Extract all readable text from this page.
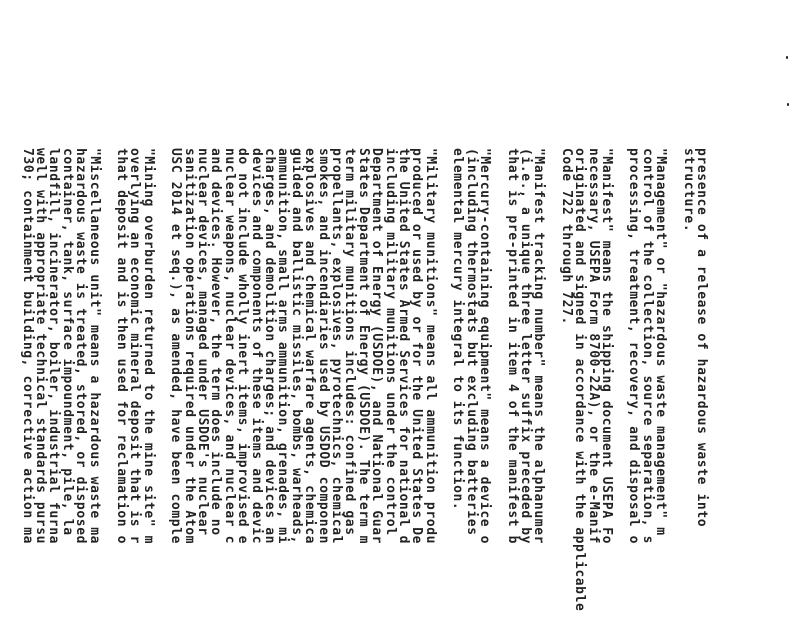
presence of a release of hazardous waste into
structure.
"Management" or "hazardous waste management" m
control of the collection, source separation, s
processing, treatment, recovery, and disposal o
"Manifest" means the shipping document USEPA Fo
necessary, USEPA Form 8700-22A), or the e-Manif
originated and signed in accordance with the applicable
Code 722 through 727.
"Manifest tracking number" means the alphanumer
(i.e., a unique three letter suffix preceded by
that is pre-printed in item 4 of the manifest b
"Mercury-containing equipment" means a device o
(including thermostats but excluding batteries
elemental mercury integral to its function.
"Military munitions" means all ammunition produ
produced or used by or for the United States De
the United States Armed Services for national d
including military munitions under the control
Department of Energy (USDOE), and National Guar
States Department of Energy (USDOE). The term m
term military munitions includes: confined gas
propellants, explosives, pyrotechnics, chemical
smokes, and incendiaries used by USDOD componen
explosives and chemical warfare agents, chemica
guided and ballistic missiles, bombs, warheads,
ammunition, small arms ammunition, grenades, mi
charges, and demolition charges; and devices an
devices and components of these items and devic
do not include wholly inert items, improvised e
nuclear weapons, nuclear devices, and nuclear c
and devices. However, the term does include no
nuclear devices, managed under USDOE's nuclear
sanitization operations required under the Atom
USC 2014 et seq.), as amended, have been comple
"Mining overburden returned to the mine site" m
overlying an economic mineral deposit that is r
that deposit and is then used for reclamation o
"Miscellaneous unit" means a hazardous waste ma
hazardous waste is treated, stored, or disposed
container, tank, surface impoundment, pile, la
landfill, incinerator, boiler, industrial furna
well with appropriate technical standards pursu
730; containment building, corrective action ma
